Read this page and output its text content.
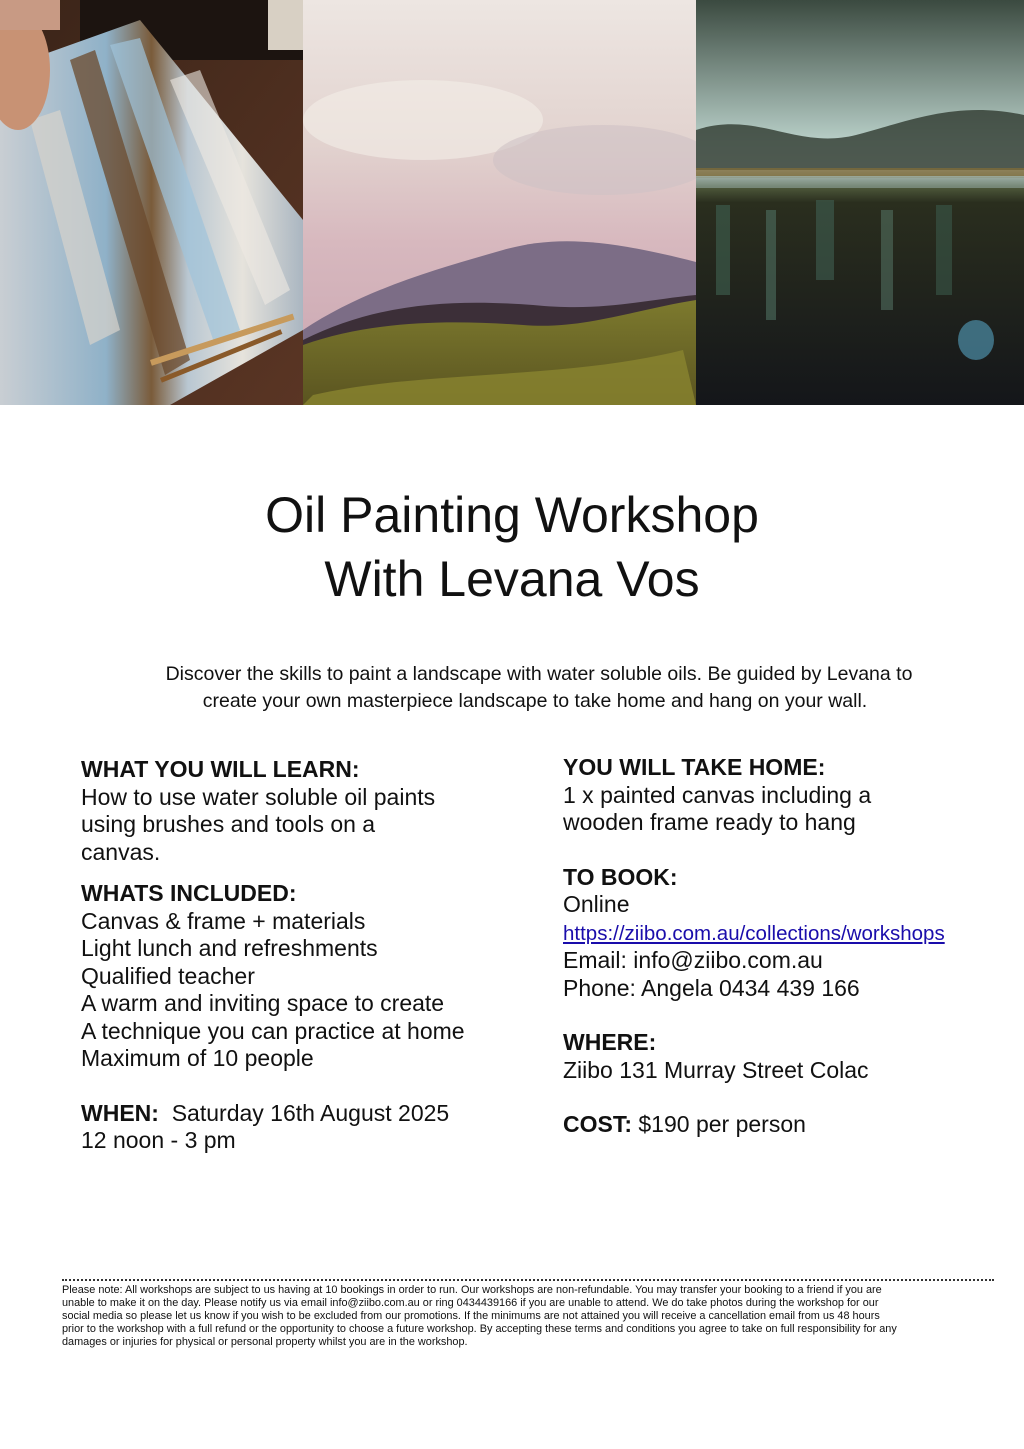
Oil Painting Workshop
With Levana Vos
Discover the skills to paint a landscape with water soluble oils. Be guided by Levana to
create your own masterpiece landscape to take home and hang on your wall.
WHAT YOU WILL LEARN:
How to use water soluble oil paints
using brushes and tools on a
canvas.
WHATS INCLUDED:
Canvas & frame + materials
Light lunch and refreshments
Qualified teacher
A warm and inviting space to create
A technique you can practice at home
Maximum of 10 people
WHEN: Saturday 16th August 2025
12 noon - 3 pm
YOU WILL TAKE HOME:
1 x painted canvas including a
wooden frame ready to hang
TO BOOK:
Online
https://ziibo.com.au/collections/workshops
Email: info@ziibo.com.au
Phone: Angela 0434 439 166
WHERE:
Ziibo 131 Murray Street Colac
COST: $190 per person
Please note: All workshops are subject to us having at 10 bookings in order to run. Our workshops are non-refundable. You may transfer your booking to a friend if you are
unable to make it on the day. Please notify us via email info@ziibo.com.au or ring 0434439166 if you are unable to attend. We do take photos during the workshop for our
social media so please let us know if you wish to be excluded from our promotions. If the minimums are not attained you will receive a cancellation email from us 48 hours
prior to the workshop with a full refund or the opportunity to choose a future workshop. By accepting these terms and conditions you agree to take on full responsibility for any
damages or injuries for physical or personal property whilst you are in the workshop.
